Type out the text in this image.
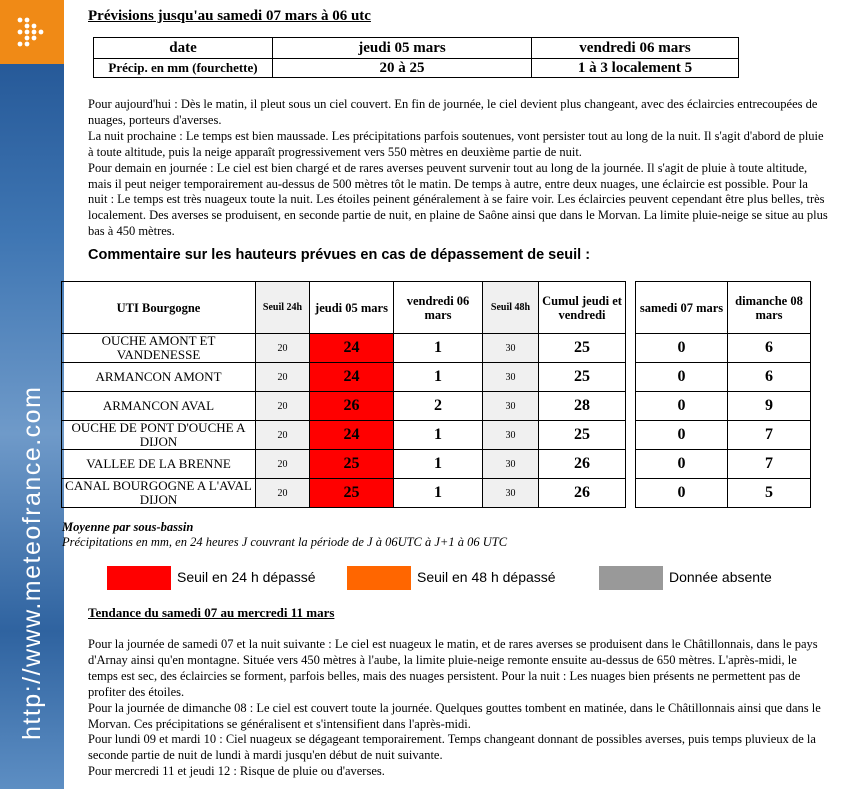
http://www.meteofrance.com
Prévisions jusqu'au samedi 07 mars à 06 utc
date	jeudi 05 mars	vendredi 06 mars
Précip. en mm (fourchette)	20 à 25	1 à 3 localement 5
Pour aujourd'hui : Dès le matin, il pleut sous un ciel couvert. En fin de journée, le ciel devient plus changeant, avec des éclaircies entrecoupées de nuages, porteurs d'averses.
La nuit prochaine : Le temps est bien maussade. Les précipitations parfois soutenues, vont persister tout au long de la nuit. Il s'agit d'abord de pluie à toute altitude, puis la neige apparaît progressivement vers 550 mètres en deuxième partie de nuit.
Pour demain en journée : Le ciel est bien chargé et de rares averses peuvent survenir tout au long de la journée. Il s'agit de pluie à toute altitude, mais il peut neiger temporairement au-dessus de 500 mètres tôt le matin. De temps à autre, entre deux nuages, une éclaircie est possible. Pour la nuit : Le temps est très nuageux toute la nuit. Les étoiles peinent généralement à se faire voir. Les éclaircies peuvent cependant être plus belles, très localement. Des averses se produisent, en seconde partie de nuit, en plaine de Saône ainsi que dans le Morvan. La limite pluie-neige se situe au plus bas à 450 mètres.
Commentaire sur les hauteurs prévues en cas de dépassement de seuil :
UTI Bourgogne	Seuil 24h	jeudi 05 mars	vendredi 06 mars	Seuil 48h	Cumul jeudi et vendredi		samedi 07 mars	dimanche 08 mars
OUCHE AMONT ET VANDENESSE	20	24	1	30	25		0	6
ARMANCON AMONT	20	24	1	30	25		0	6
ARMANCON AVAL	20	26	2	30	28		0	9
OUCHE DE PONT D'OUCHE A DIJON	20	24	1	30	25		0	7
VALLEE DE LA BRENNE	20	25	1	30	26		0	7
CANAL BOURGOGNE A L'AVAL DIJON	20	25	1	30	26		0	5
Moyenne par sous-bassin
Précipitations en mm, en 24 heures J couvrant la période de J à 06UTC à J+1 à 06 UTC
Seuil en 24 h dépassé	Seuil en 48 h dépassé	Donnée absente
Tendance du samedi 07 au mercredi 11 mars
Pour la journée de samedi 07 et la nuit suivante : Le ciel est nuageux le matin, et de rares averses se produisent dans le Châtillonnais, dans le pays d'Arnay ainsi qu'en montagne. Située vers 450 mètres à l'aube, la limite pluie-neige remonte ensuite au-dessus de 650 mètres. L'après-midi, le temps est sec, des éclaircies se forment, parfois belles, mais des nuages persistent. Pour la nuit : Les nuages bien présents ne permettent pas de profiter des étoiles.
Pour la journée de dimanche 08 : Le ciel est couvert toute la journée. Quelques gouttes tombent en matinée, dans le Châtillonnais ainsi que dans le Morvan. Ces précipitations se généralisent et s'intensifient dans l'après-midi.
Pour lundi 09 et mardi 10 : Ciel nuageux se dégageant temporairement. Temps changeant donnant de possibles averses, puis temps pluvieux de la seconde partie de nuit de lundi à mardi jusqu'en début de nuit suivante.
Pour mercredi 11 et jeudi 12 : Risque de pluie ou d'averses.
